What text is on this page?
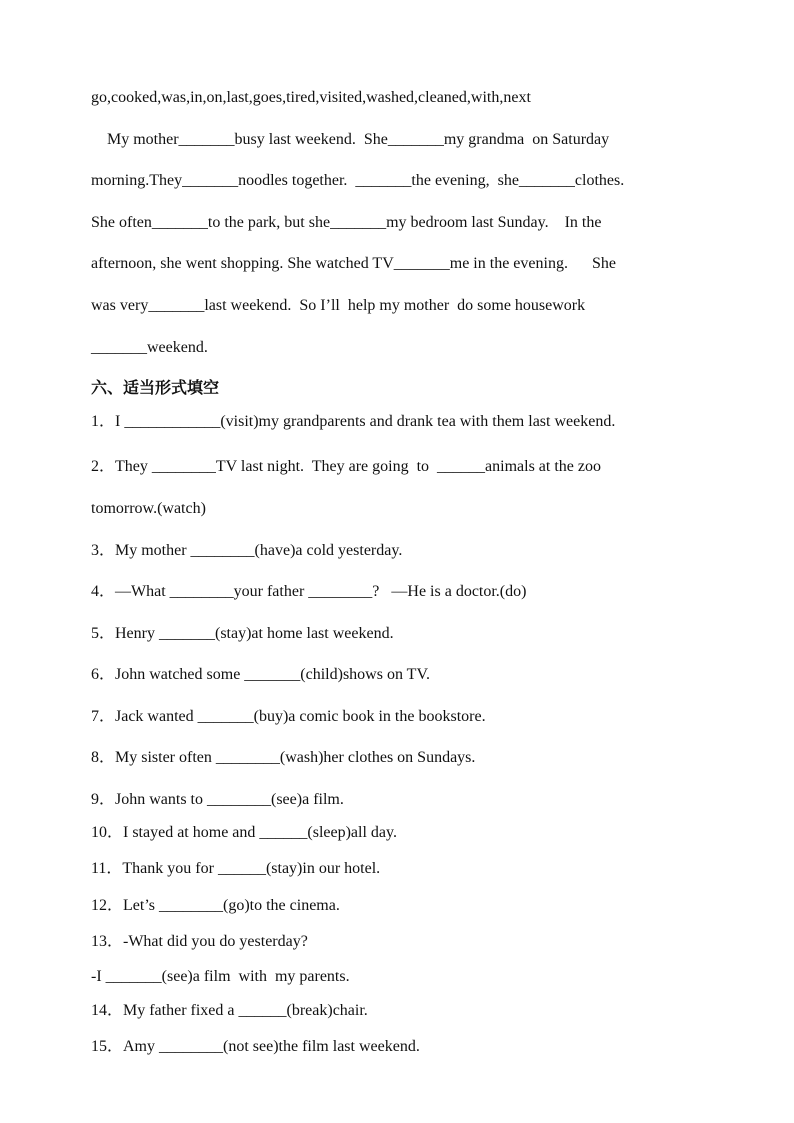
go,cooked,was,in,on,last,goes,tired,visited,washed,cleaned,with,next
My mother_______busy last weekend.  She_______my grandma  on Saturday
morning.They_______noodles together.  _______the evening,  she_______clothes.
She often_______to the park, but she_______my bedroom last Sunday.    In the
afternoon, she went shopping. She watched TV_______me in the evening.      She
was very_______last weekend.  So I’ll  help my mother  do some housework
_______weekend.
六、适当形式填空
1．I ____________(visit)my grandparents and drank tea with them last weekend.
2．They ________TV last night.  They are going  to  ______animals at the zoo
tomorrow.(watch)
3．My mother ________(have)a cold yesterday.
4．—What ________your father ________?   —He is a doctor.(do)
5．Henry _______(stay)at home last weekend.
6．John watched some _______(child)shows on TV.
7．Jack wanted _______(buy)a comic book in the bookstore.
8．My sister often ________(wash)her clothes on Sundays.
9．John wants to ________(see)a film.
10．I stayed at home and ______(sleep)all day.
11．Thank you for ______(stay)in our hotel.
12．Let’s ________(go)to the cinema.
13．-What did you do yesterday?
-I _______(see)a film  with  my parents.
14．My father fixed a ______(break)chair.
15．Amy ________(not see)the film last weekend.
